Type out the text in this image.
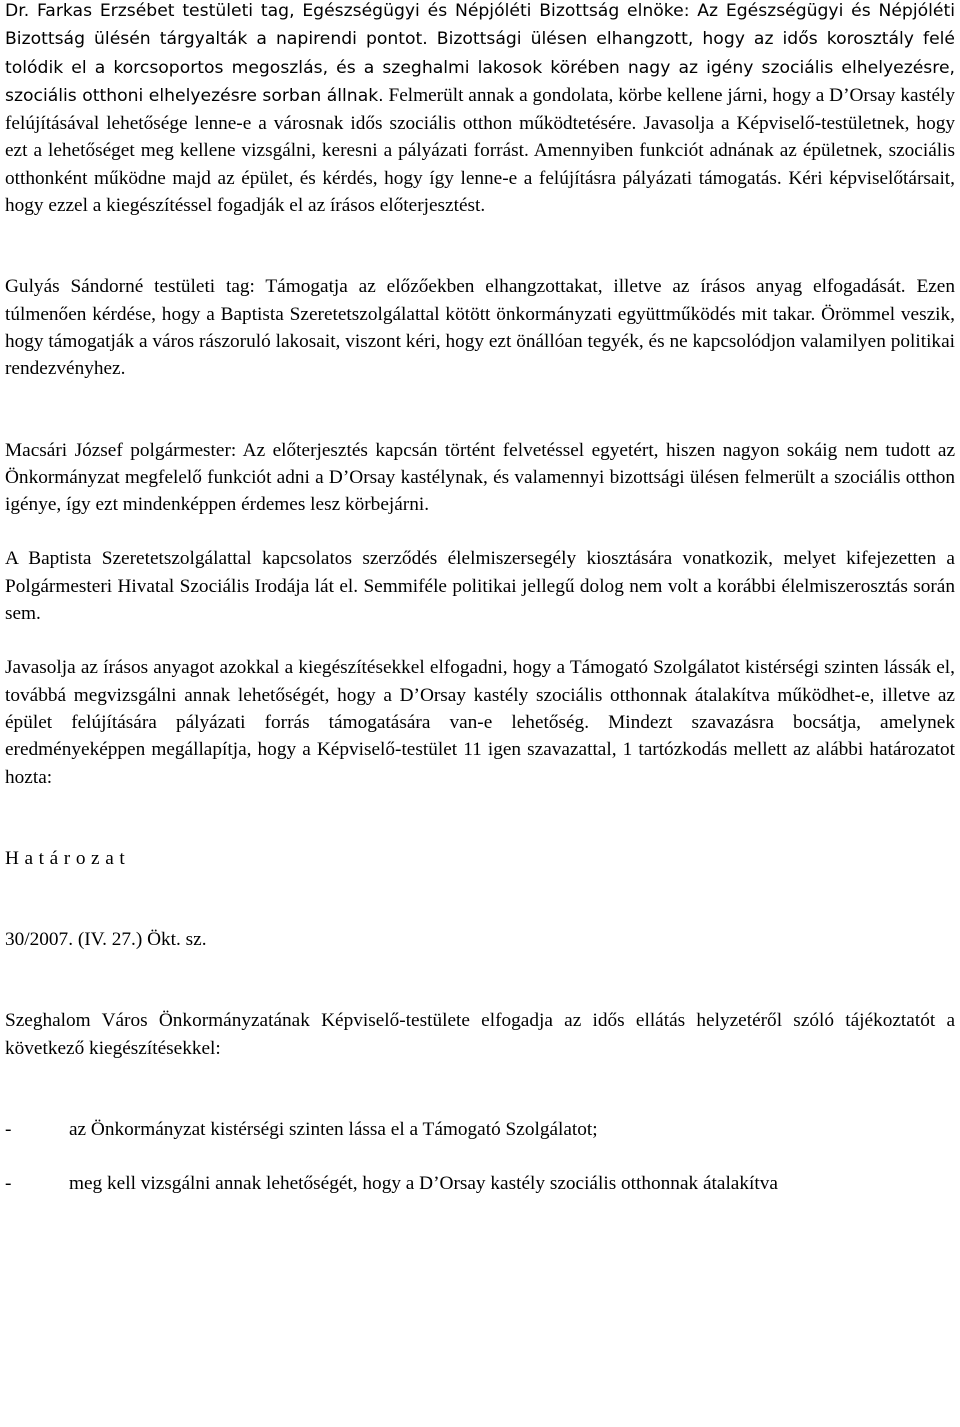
Dr. Farkas Erzsébet testületi tag, Egészségügyi és Népjóléti Bizottság elnöke: Az Egészségügyi és Népjóléti Bizottság ülésén tárgyalták a napirendi pontot. Bizottsági ülésen elhangzott, hogy az idős korosztály felé tolódik el a korcsoportos megoszlás, és a szeghalmi lakosok körében nagy az igény szociális elhelyezésre, szociális otthoni elhelyezésre sorban állnak. Felmerült annak a gondolata, körbe kellene járni, hogy a D’Orsay kastély felújításával lehetősége lenne-e a városnak idős szociális otthon működtetésére. Javasolja a Képviselő-testületnek, hogy ezt a lehetőséget meg kellene vizsgálni, keresni a pályázati forrást. Amennyiben funkciót adnának az épületnek, szociális otthonként működne majd az épület, és kérdés, hogy így lenne-e a felújításra pályázati támogatás. Kéri képviselőtársait, hogy ezzel a kiegészítéssel fogadják el az írásos előterjesztést.

Gulyás Sándorné testületi tag: Támogatja az előzőekben elhangzottakat, illetve az írásos anyag elfogadását. Ezen túlmenően kérdése, hogy a Baptista Szeretetszolgálattal kötött önkormányzati együttműködés mit takar. Örömmel veszik, hogy támogatják a város rászoruló lakosait, viszont kéri, hogy ezt önállóan tegyék, és ne kapcsolódjon valamilyen politikai rendezvényhez.

Macsári József polgármester: Az előterjesztés kapcsán történt felvetéssel egyetért, hiszen nagyon sokáig nem tudott az Önkormányzat megfelelő funkciót adni a D’Orsay kastélynak, és valamennyi bizottsági ülésen felmerült a szociális otthon igénye, így ezt mindenképpen érdemes lesz körbejárni.

A Baptista Szeretetszolgálattal kapcsolatos szerződés élelmiszersegély kiosztására vonatkozik, melyet kifejezetten a Polgármesteri Hivatal Szociális Irodája lát el. Semmiféle politikai jellegű dolog nem volt a korábbi élelmiszerosztás során sem.

Javasolja az írásos anyagot azokkal a kiegészítésekkel elfogadni, hogy a Támogató Szolgálatot kistérségi szinten lássák el, továbbá megvizsgálni annak lehetőségét, hogy a D’Orsay kastély szociális otthonnak átalakítva működhet-e, illetve az épület felújítására pályázati forrás támogatására van-e lehetőség. Mindezt szavazásra bocsátja, amelynek eredményeképpen megállapítja, hogy a Képviselő-testület 11 igen szavazattal, 1 tartózkodás mellett az alábbi határozatot hozta:

Határozat

30/2007. (IV. 27.) Ökt. sz.

Szeghalom Város Önkormányzatának Képviselő-testülete elfogadja az idős ellátás helyzetéről szóló tájékoztatót a következő kiegészítésekkel:

-	az Önkormányzat kistérségi szinten lássa el a Támogató Szolgálatot;
-	meg kell vizsgálni annak lehetőségét, hogy a D’Orsay kastély szociális otthonnak átalakítva
